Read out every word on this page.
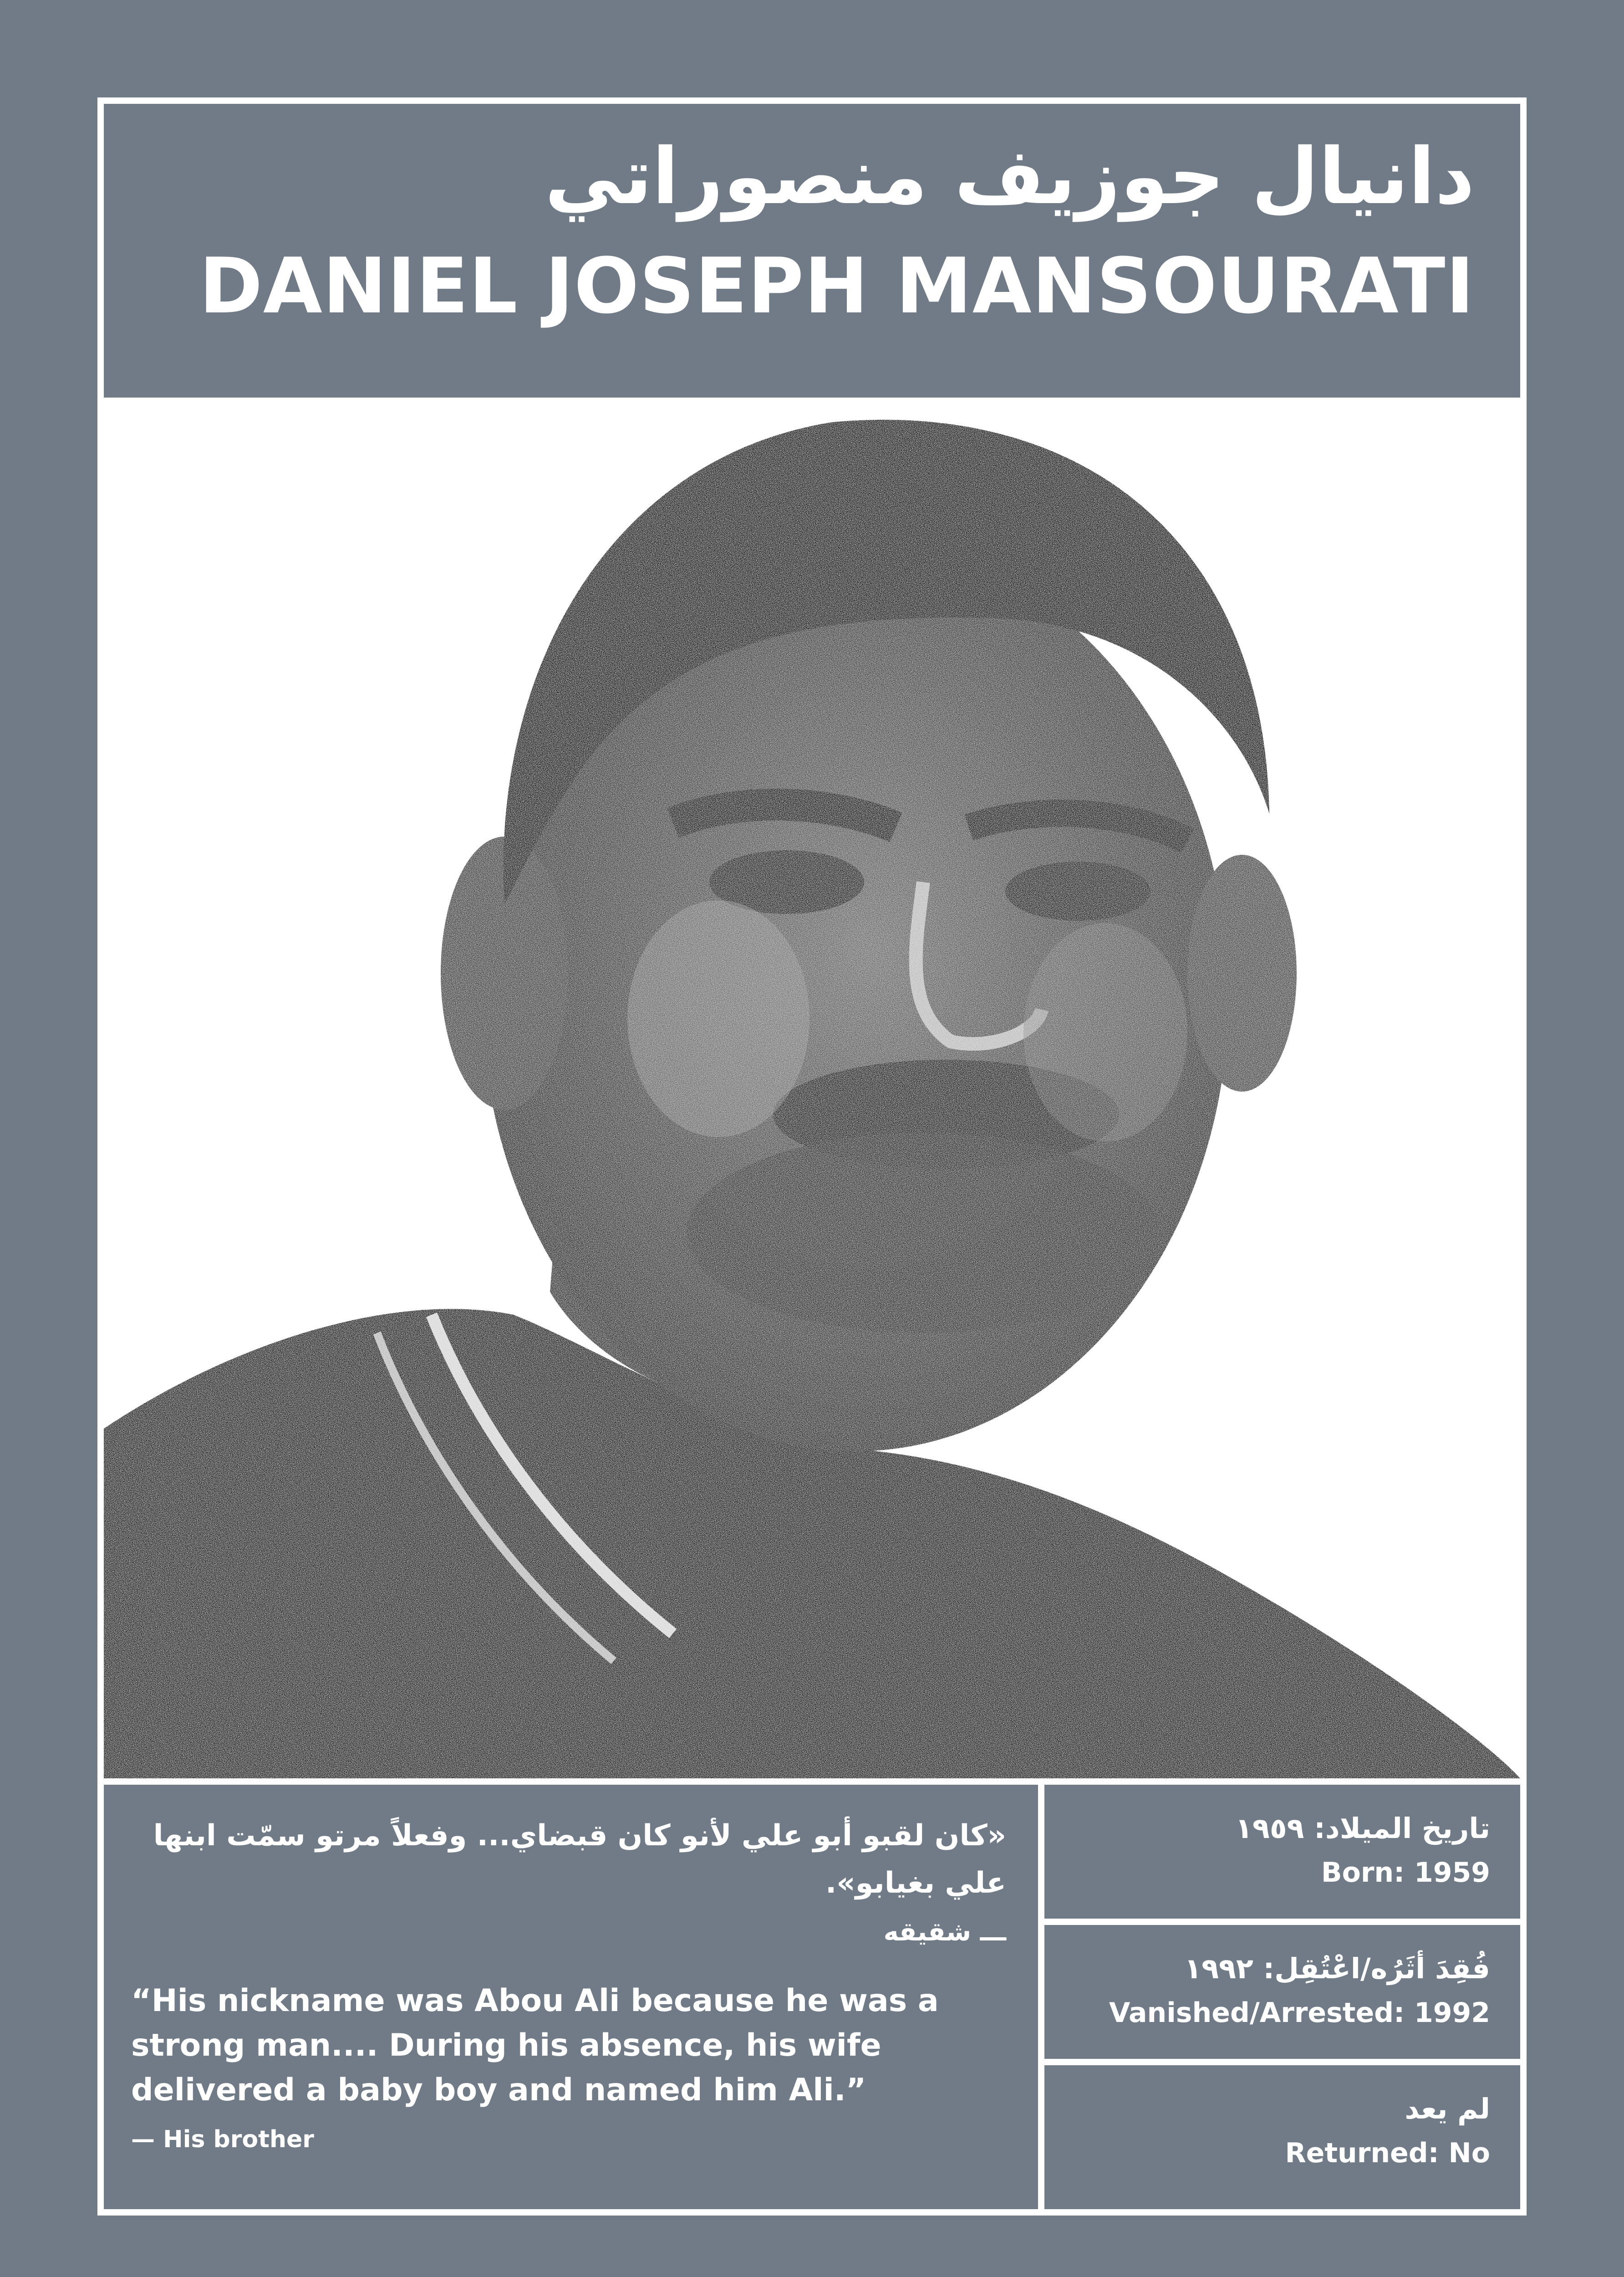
دانيال جوزيف منصوراتي
DANIEL JOSEPH MANSOURATI
«كان لقبو أبو علي لأنو كان قبضاي... وفعلاً مرتو سمّت ابنها علي بغيابو».
ـــ شقيقه
“His nickname was Abou Ali because he was a strong man.... During his absence, his wife delivered a baby boy and named him Ali.”
— His brother
تاريخ الميلاد: ١٩٥٩
Born: 1959
فُقِدَ أثَرُه/اعْتُقِل: ١٩٩٢
Vanished/Arrested: 1992
لم يعد
Returned: No
